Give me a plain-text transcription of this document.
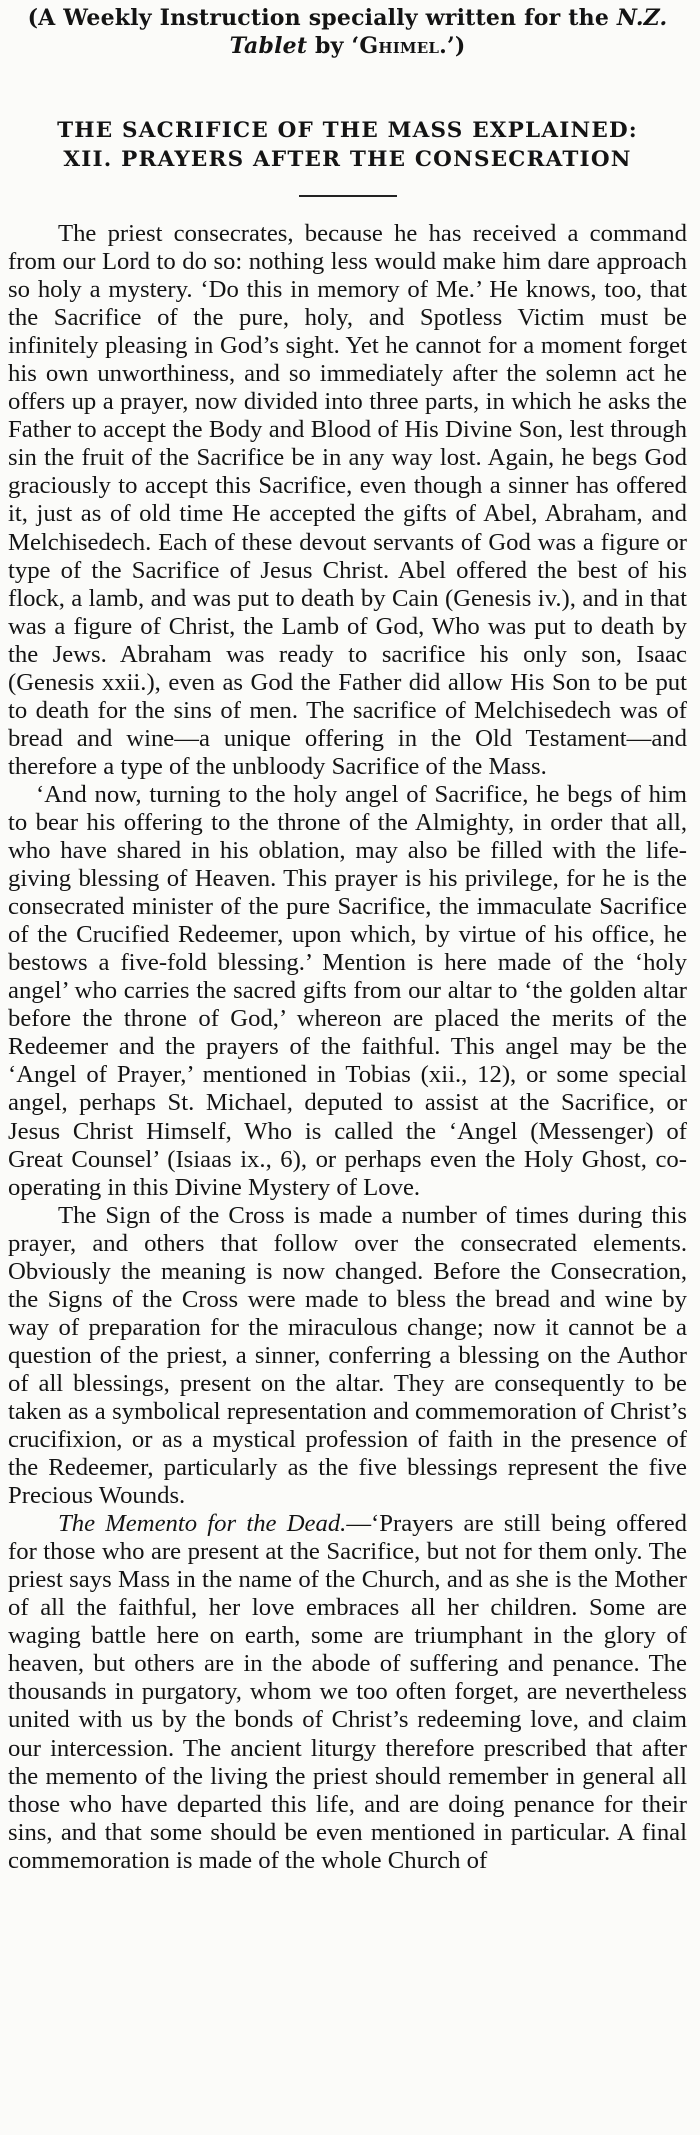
(A Weekly Instruction specially written for the N.Z. Tablet by ‘Ghimel.’)

THE SACRIFICE OF THE MASS EXPLAINED:
XII. PRAYERS AFTER THE CONSECRATION

The priest consecrates, because he has received a command from our Lord to do so: nothing less would make him dare approach so holy a mystery. ‘Do this in memory of Me.’ He knows, too, that the Sacrifice of the pure, holy, and Spotless Victim must be infinitely pleasing in God’s sight. Yet he cannot for a moment forget his own unworthiness, and so immediately after the solemn act he offers up a prayer, now divided into three parts, in which he asks the Father to accept the Body and Blood of His Divine Son, lest through sin the fruit of the Sacrifice be in any way lost. Again, he begs God graciously to accept this Sacrifice, even though a sinner has offered it, just as of old time He accepted the gifts of Abel, Abraham, and Melchisedech. Each of these devout servants of God was a figure or type of the Sacrifice of Jesus Christ. Abel offered the best of his flock, a lamb, and was put to death by Cain (Genesis iv.), and in that was a figure of Christ, the Lamb of God, Who was put to death by the Jews. Abraham was ready to sacrifice his only son, Isaac (Genesis xxii.), even as God the Father did allow His Son to be put to death for the sins of men. The sacrifice of Melchisedech was of bread and wine—a unique offering in the Old Testament—and therefore a type of the unbloody Sacrifice of the Mass.

‘And now, turning to the holy angel of Sacrifice, he begs of him to bear his offering to the throne of the Almighty, in order that all, who have shared in his oblation, may also be filled with the life-giving blessing of Heaven. This prayer is his privilege, for he is the consecrated minister of the pure Sacrifice, the immaculate Sacrifice of the Crucified Redeemer, upon which, by virtue of his office, he bestows a five-fold blessing.’ Mention is here made of the ‘holy angel’ who carries the sacred gifts from our altar to ‘the golden altar before the throne of God,’ whereon are placed the merits of the Redeemer and the prayers of the faithful. This angel may be the ‘Angel of Prayer,’ mentioned in Tobias (xii., 12), or some special angel, perhaps St. Michael, deputed to assist at the Sacrifice, or Jesus Christ Himself, Who is called the ‘Angel (Messenger) of Great Counsel’ (Isiaas ix., 6), or perhaps even the Holy Ghost, co-operating in this Divine Mystery of Love.

The Sign of the Cross is made a number of times during this prayer, and others that follow over the consecrated elements. Obviously the meaning is now changed. Before the Consecration, the Signs of the Cross were made to bless the bread and wine by way of preparation for the miraculous change; now it cannot be a question of the priest, a sinner, conferring a blessing on the Author of all blessings, present on the altar. They are consequently to be taken as a symbolical representation and commemoration of Christ’s crucifixion, or as a mystical profession of faith in the presence of the Redeemer, particularly as the five blessings represent the five Precious Wounds.

The Memento for the Dead.—‘Prayers are still being offered for those who are present at the Sacrifice, but not for them only. The priest says Mass in the name of the Church, and as she is the Mother of all the faithful, her love embraces all her children. Some are waging battle here on earth, some are triumphant in the glory of heaven, but others are in the abode of suffering and penance. The thousands in purgatory, whom we too often forget, are nevertheless united with us by the bonds of Christ’s redeeming love, and claim our intercession. The ancient liturgy therefore prescribed that after the memento of the living the priest should remember in general all those who have departed this life, and are doing penance for their sins, and that some should be even mentioned in particular. A final commemoration is made of the whole Church of
